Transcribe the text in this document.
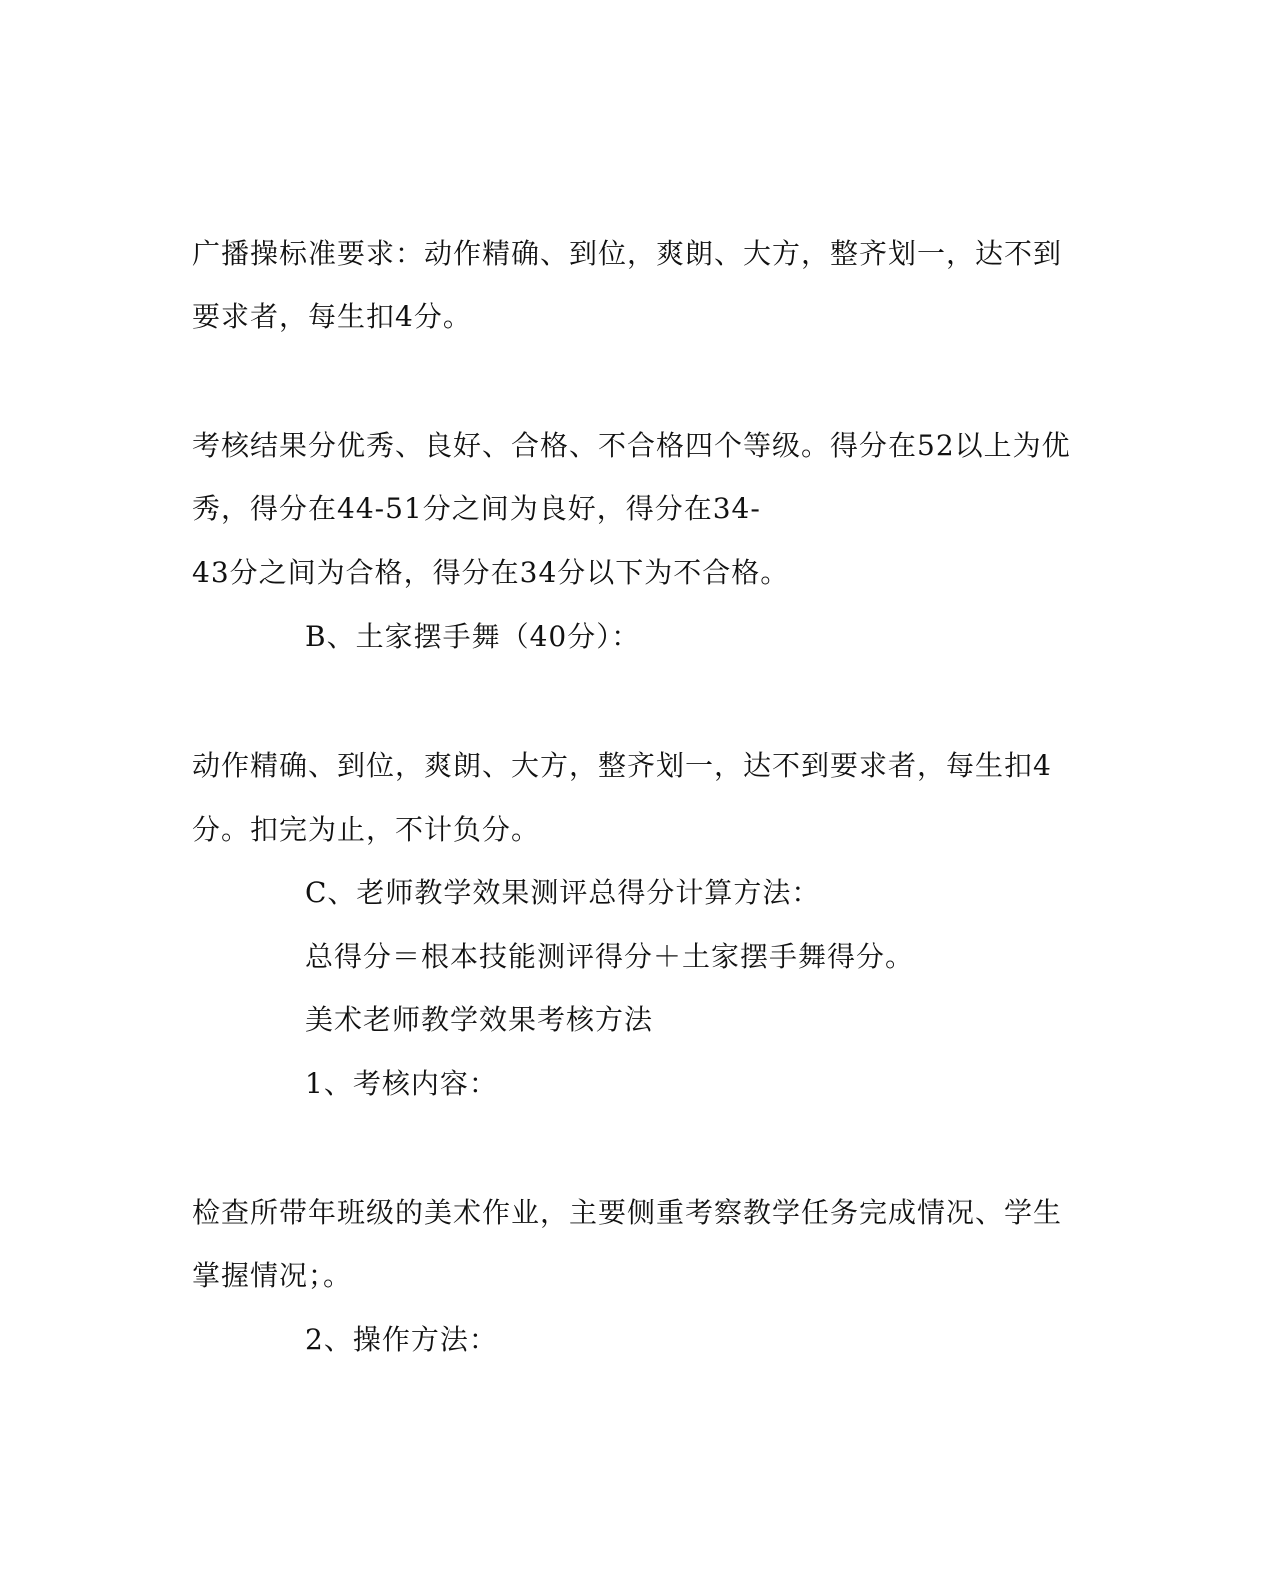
广播操标准要求：动作精确、到位，爽朗、大方，整齐划一，达不到
要求者，每生扣4分。
考核结果分优秀、良好、合格、不合格四个等级。得分在52以上为优
秀，得分在44-51分之间为良好，得分在34-
43分之间为合格，得分在34分以下为不合格。
B、土家摆手舞（40分）：
动作精确、到位，爽朗、大方，整齐划一，达不到要求者，每生扣4
分。扣完为止，不计负分。
C、老师教学效果测评总得分计算方法：
总得分＝根本技能测评得分＋土家摆手舞得分。
美术老师教学效果考核方法
1、考核内容：
检查所带年班级的美术作业，主要侧重考察教学任务完成情况、学生
掌握情况；。
2、操作方法：
